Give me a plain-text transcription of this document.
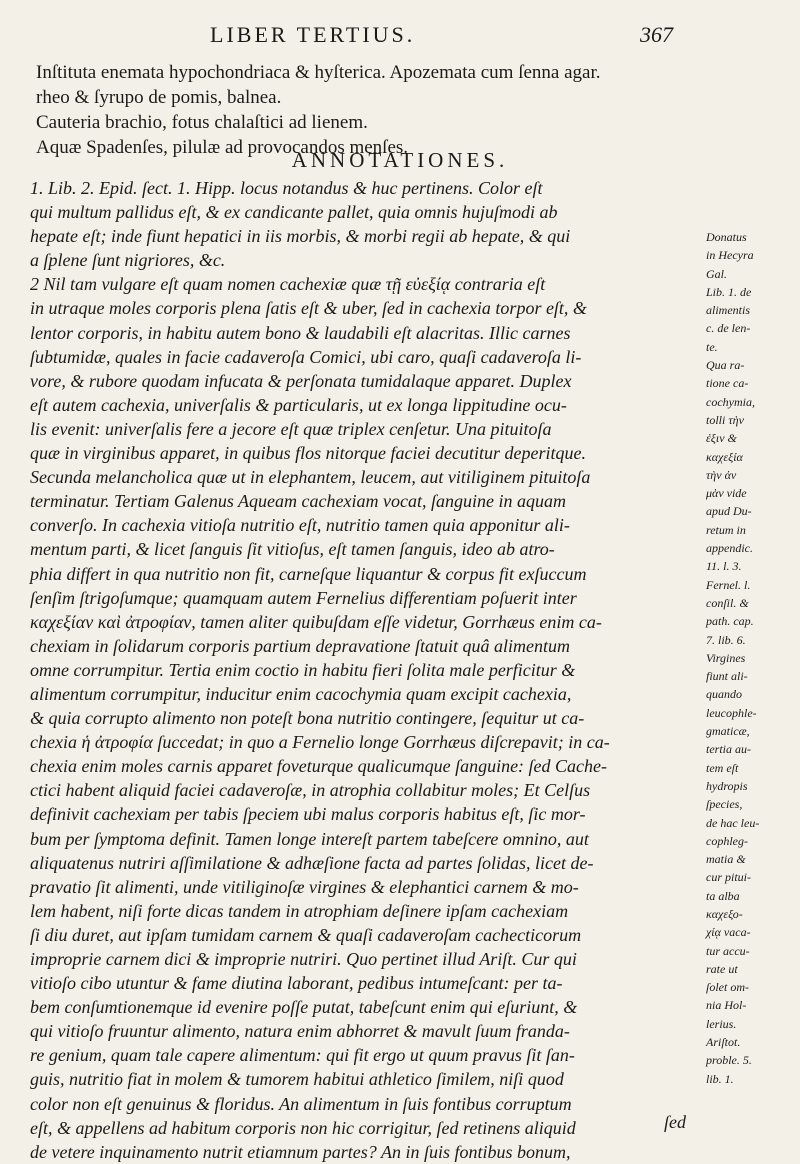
LIBER TERTIUS.	367
Inſtituta enemata hypochondriaca & hyſterica. Apozemata cum ſenna agar.
rheo & ſyrupo de pomis, balnea.
Cauteria brachio, fotus chalaſtici ad lienem.
Aquæ Spadenſes, pilulæ ad provocandos menſes.
ANNOTATIONES.
1. Lib. 2. Epid. ſect. 1. Hipp. locus notandus & huc pertinens. Color eſt
qui multum pallidus eſt, & ex candicante pallet, quia omnis hujuſmodi ab
hepate eſt; inde fiunt hepatici in iis morbis, & morbi regii ab hepate, & qui
a ſplene ſunt nigriores, &c.
2 Nil tam vulgare eſt quam nomen cachexiæ quæ τῇ εὐεξίᾳ contraria eſt
in utraque moles corporis plena ſatis eſt & uber, ſed in cachexia torpor eſt, &
lentor corporis, in habitu autem bono & laudabili eſt alacritas. Illic carnes
ſubtumidæ, quales in facie cadaveroſa Comici, ubi caro, quaſi cadaveroſa li-
vore, & rubore quodam infucata & perſonata tumidalaque apparet. Duplex
eſt autem cachexia, univerſalis & particularis, ut ex longa lippitudine ocu-
lis evenit: univerſalis fere a jecore eſt quæ triplex cenſetur. Una pituitoſa
quæ in virginibus apparet, in quibus flos nitorque faciei decutitur deperitque.
Secunda melancholica quæ ut in elephantem, leucem, aut vitiliginem pituitoſa
terminatur. Tertiam Galenus Aqueam cachexiam vocat, ſanguine in aquam
converſo. In cachexia vitioſa nutritio eſt, nutritio tamen quia apponitur ali-
mentum parti, & licet ſanguis ſit vitioſus, eſt tamen ſanguis, ideo ab atro-
phia differt in qua nutritio non fit, carneſque liquantur & corpus fit exſuccum
ſenſim ſtrigoſumque; quamquam autem Fernelius differentiam poſuerit inter
καχεξίαν καὶ ἀτροφίαν, tamen aliter quibuſdam eſſe videtur, Gorrhæus enim ca-
chexiam in ſolidarum corporis partium depravatione ſtatuit quâ alimentum
omne corrumpitur. Tertia enim coctio in habitu fieri ſolita male perficitur &
alimentum corrumpitur, inducitur enim cacochymia quam excipit cachexia,
& quia corrupto alimento non poteſt bona nutritio contingere, ſequitur ut ca-
chexia ἡ ἀτροφία ſuccedat; in quo a Fernelio longe Gorrhæus diſcrepavit; in ca-
chexia enim moles carnis apparet foveturque qualicumque ſanguine: ſed Cache-
ctici habent aliquid faciei cadaveroſæ, in atrophia collabitur moles; Et Celſus
definivit cachexiam per tabis ſpeciem ubi malus corporis habitus eſt, ſic mor-
bum per ſymptoma definit. Tamen longe intereſt partem tabeſcere omnino, aut
aliquatenus nutriri aſſimilatione & adhæſione facta ad partes ſolidas, licet de-
pravatio ſit alimenti, unde vitiliginoſæ virgines & elephantici carnem & mo-
lem habent, niſi forte dicas tandem in atrophiam deſinere ipſam cachexiam
ſi diu duret, aut ipſam tumidam carnem & quaſi cadaveroſam cachecticorum
improprie carnem dici & improprie nutriri. Quo pertinet illud Ariſt. Cur qui
vitioſo cibo utuntur & fame diutina laborant, pedibus intumeſcant: per ta-
bem conſumtionemque id evenire poſſe putat, tabeſcunt enim qui eſuriunt, &
qui vitioſo fruuntur alimento, natura enim abhorret & mavult ſuum franda-
re genium, quam tale capere alimentum: qui fit ergo ut quum pravus ſit ſan-
guis, nutritio fiat in molem & tumorem habitui athletico ſimilem, niſi quod
color non eſt genuinus & floridus. An alimentum in ſuis fontibus corruptum
eſt, & appellens ad habitum corporis non hic corrigitur, ſed retinens aliquid
de vetere inquinamento nutrit etiamnum partes? An in ſuis fontibus bonum,
Donatus
in Hecyra
Gal.
Lib. 1. de
alimentis
c. de len-
te.
Qua ra-
tione ca-
cochymia,
tolli τὴν
ἐξιν &
καχεξία
τὴν ἀν
μὰν vide
apud Du-
retum in
appendic.
11. l. 3.
Fernel. l.
conſil. &
path. cap.
7. lib. 6.
Virgines
fiunt ali-
quando
leucophle-
gmaticæ,
tertia au-
tem eſt
hydropis
ſpecies,
de hac leu-
cophleg-
matia &
cur pitui-
ta alba
καχεξο-
χίᾳ vaca-
tur accu-
rate ut
ſolet om-
nia Hol-
lerius.
Ariſtot.
proble. 5.
lib. 1.
ſed
